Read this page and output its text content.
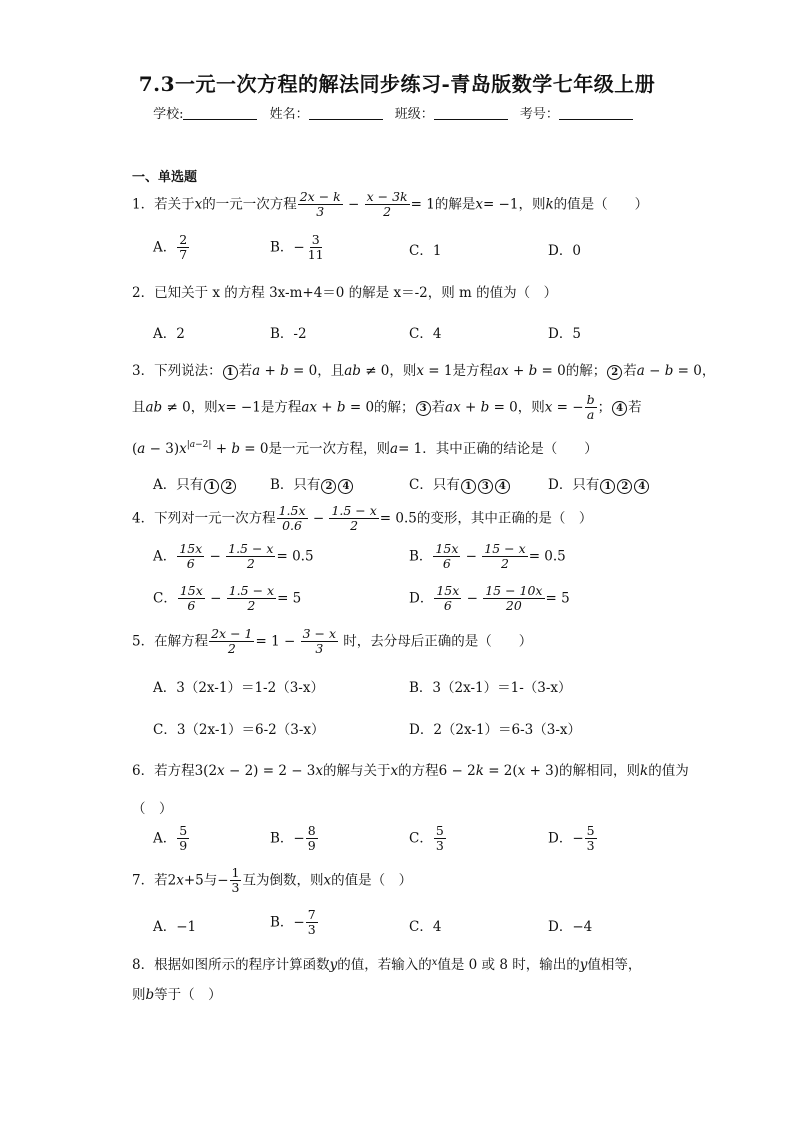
7.3一元一次方程的解法同步练习-青岛版数学七年级上册
学校:	姓名：	班级：	考号：
一、单选题
1．若关于x的一元一次方程 $\frac{2x - k}{3} - \frac{x - 3k}{2} = 1$的解是x= −1，则k的值是（　　）
A． $\frac{2}{7}$	B．− $\frac{3}{11}$	C．1	D．0
2．已知关于 x 的方程 3x-m+4＝0 的解是 x＝-2，则 m 的值为（　）
A．2	B．-2	C．4	D．5
3．下列说法： 1 若a + b = 0，且ab ≠ 0，则x = 1是方程ax + b = 0的解； 2 若a − b = 0，
且ab ≠ 0，则x= −1是方程ax + b = 0的解； 3 若ax + b = 0，则x = − $\frac{b}{a}$ ； 4 若
$(a - 3)x^{|a-2|} + b = 0$是一元一次方程，则a= 1．其中正确的结论是（　　）
A．只有 1 2	B．只有 2 4	C．只有 1 3 4	D．只有 1 2 4
4．下列对一元一次方程 $\frac{1.5x}{0.6} - \frac{1.5 - x}{2} = 0.5$的变形，其中正确的是（　）
A． $\frac{15x}{6} - \frac{1.5 - x}{2} = 0.5$	B． $\frac{15x}{6} - \frac{15 - x}{2} = 0.5$
C． $\frac{15x}{6} - \frac{1.5 - x}{2} = 5$	D． $\frac{15x}{6} - \frac{15 - 10x}{20} = 5$
5．在解方程 $\frac{2x - 1}{2} = 1 - \frac{3 - x}{3}$ 时，去分母后正确的是（　　）
A．3（2x-1）＝1-2（3-x）	B．3（2x-1）＝1-（3-x）
C．3（2x-1）＝6-2（3-x）	D．2（2x-1）＝6-3（3-x）
6．若方程3(2x − 2) = 2 − 3x的解与关于x的方程6 − 2k = 2(x + 3)的解相同，则k的值为
（　）
A． $\frac{5}{9}$	B．− $\frac{8}{9}$	C． $\frac{5}{3}$	D．− $\frac{5}{3}$
7．若2x+5与− $\frac{1}{3}$ 互为倒数，则x的值是（　）
A．−1	B．− $\frac{7}{3}$	C．4	D．−4
8．根据如图所示的程序计算函数y的值，若输入的$^x$值是 0 或 8 时，输出的y值相等，
则b等于（　）
